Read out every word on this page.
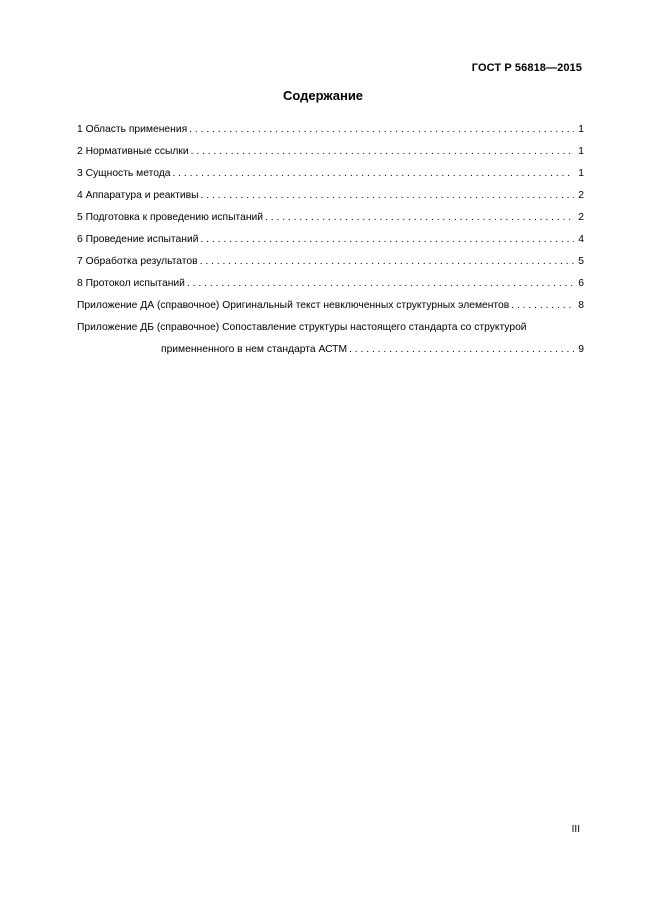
ГОСТ Р 56818—2015
Содержание
1 Область применения . . .	1
2 Нормативные ссылки . . .	1
3 Сущность метода . . .	1
4 Аппаратура и реактивы . . .	2
5 Подготовка к проведению испытаний . . .	2
6 Проведение испытаний . . .	4
7 Обработка результатов . . .	5
8 Протокол испытаний . . .	6
Приложение ДА (справочное) Оригинальный текст невключенных структурных элементов . . .	8
Приложение ДБ (справочное) Сопоставление структуры настоящего стандарта со структурой
применненного в нем стандарта АСТМ . . .	9
III
